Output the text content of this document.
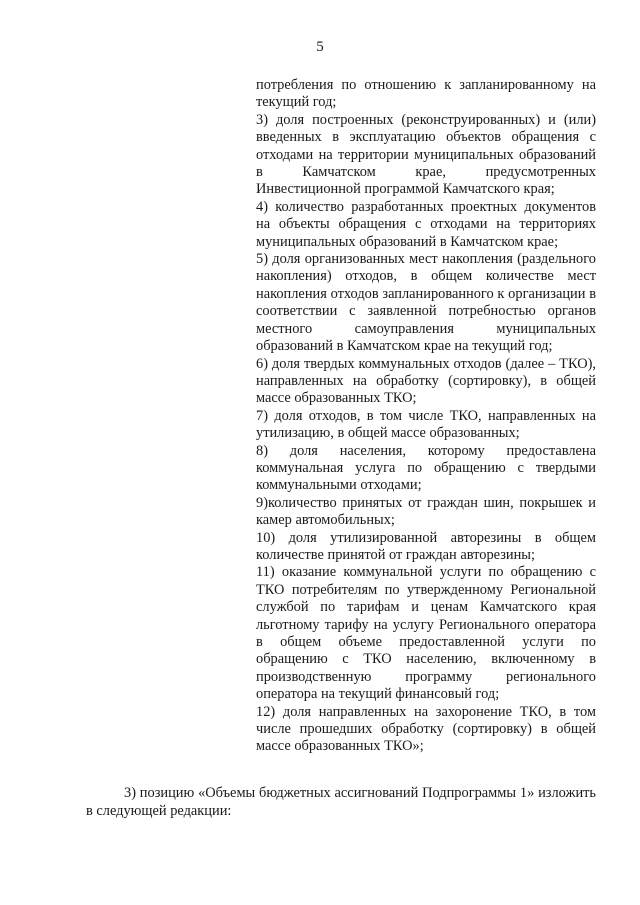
5

потребления по отношению к запланированному на текущий год;

3) доля построенных (реконструированных) и (или) введенных в эксплуатацию объектов обращения с отходами на территории муниципальных образований в Камчатском крае, предусмотренных Инвестиционной программой Камчатского края;

4) количество разработанных проектных документов на объекты обращения с отходами на территориях муниципальных образований в Камчатском крае;

5) доля организованных мест накопления (раздельного накопления) отходов, в общем количестве мест накопления отходов запланированного к организации в соответствии с заявленной потребностью органов местного самоуправления муниципальных образований в Камчатском крае на текущий год;

6) доля твердых коммунальных отходов (далее – ТКО), направленных на обработку (сортировку), в общей массе образованных ТКО;

7) доля отходов, в том числе ТКО, направленных на утилизацию, в общей массе образованных;

8) доля населения, которому предоставлена коммунальная услуга по обращению с твердыми коммунальными отходами;

9)количество принятых от граждан шин, покрышек и камер автомобильных;

10) доля утилизированной авторезины в общем количестве принятой от граждан авторезины;

11) оказание коммунальной услуги по обращению с ТКО потребителям по утвержденному Региональной службой по тарифам и ценам Камчатского края льготному тарифу на услугу Регионального оператора в общем объеме предоставленной услуги по обращению с ТКО населению, включенному в производственную программу регионального оператора на текущий финансовый год;

12) доля направленных на захоронение ТКО, в том числе прошедших обработку (сортировку) в общей массе образованных ТКО»;

3) позицию «Объемы бюджетных ассигнований Подпрограммы 1» изложить в следующей редакции:
